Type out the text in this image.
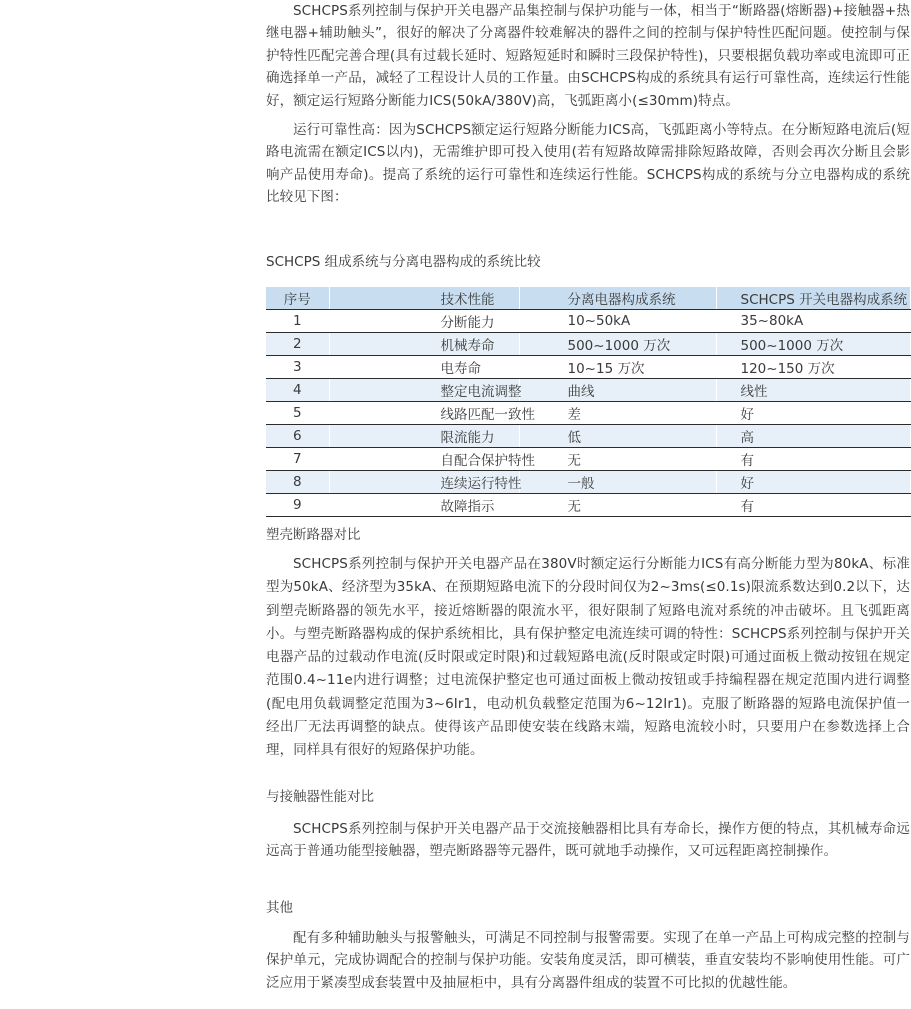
SCHCPS系列控制与保护开关电器产品集控制与保护功能与一体，相当于“断路器(熔断器)+接触器+热继电器+辅助触头”，很好的解决了分离器件较难解决的器件之间的控制与保护特性匹配问题。使控制与保护特性匹配完善合理(具有过载长延时、短路短延时和瞬时三段保护特性)，只要根据负载功率或电流即可正确选择单一产品，减轻了工程设计人员的工作量。由SCHCPS构成的系统具有运行可靠性高，连续运行性能好，额定运行短路分断能力ICS(50kA/380V)高，飞弧距离小(≤30mm)特点。

运行可靠性高：因为SCHCPS额定运行短路分断能力ICS高，飞弧距离小等特点。在分断短路电流后(短路电流需在额定ICS以内)，无需维护即可投入使用(若有短路故障需排除短路故障，否则会再次分断且会影响产品使用寿命)。提高了系统的运行可靠性和连续运行性能。SCHCPS构成的系统与分立电器构成的系统比较见下图：

SCHCPS 组成系统与分离电器构成的系统比较
序号	技术性能	分离电器构成系统	SCHCPS 开关电器构成系统
1	分断能力	10~50kA	35~80kA
2	机械寿命	500~1000 万次	500~1000 万次
3	电寿命	10~15 万次	120~150 万次
4	整定电流调整	曲线	线性
5	线路匹配一致性	差	好
6	限流能力	低	高
7	自配合保护特性	无	有
8	连续运行特性	一般	好
9	故障指示	无	有
塑壳断路器对比

SCHCPS系列控制与保护开关电器产品在380V时额定运行分断能力ICS有高分断能力型为80kA、标准型为50kA、经济型为35kA、在预期短路电流下的分段时间仅为2~3ms(≤0.1s)限流系数达到0.2以下，达到塑壳断路器的领先水平，接近熔断器的限流水平，很好限制了短路电流对系统的冲击破坏。且飞弧距离小。与塑壳断路器构成的保护系统相比，具有保护整定电流连续可调的特性：SCHCPS系列控制与保护开关电器产品的过载动作电流(反时限或定时限)和过载短路电流(反时限或定时限)可通过面板上微动按钮在规定范围0.4~11e内进行调整；过电流保护整定也可通过面板上微动按钮或手持编程器在规定范围内进行调整(配电用负载调整定范围为3~6Ir1，电动机负载整定范围为6~12Ir1)。克服了断路器的短路电流保护值一经出厂无法再调整的缺点。使得该产品即使安装在线路末端，短路电流较小时，只要用户在参数选择上合理，同样具有很好的短路保护功能。

与接触器性能对比

SCHCPS系列控制与保护开关电器产品于交流接触器相比具有寿命长，操作方便的特点，其机械寿命远远高于普通功能型接触器，塑壳断路器等元器件，既可就地手动操作，又可远程距离控制操作。

其他

配有多种辅助触头与报警触头，可满足不同控制与报警需要。实现了在单一产品上可构成完整的控制与保护单元，完成协调配合的控制与保护功能。安装角度灵活，即可横装，垂直安装均不影响使用性能。可广泛应用于紧凑型成套装置中及抽屉柜中，具有分离器件组成的装置不可比拟的优越性能。
